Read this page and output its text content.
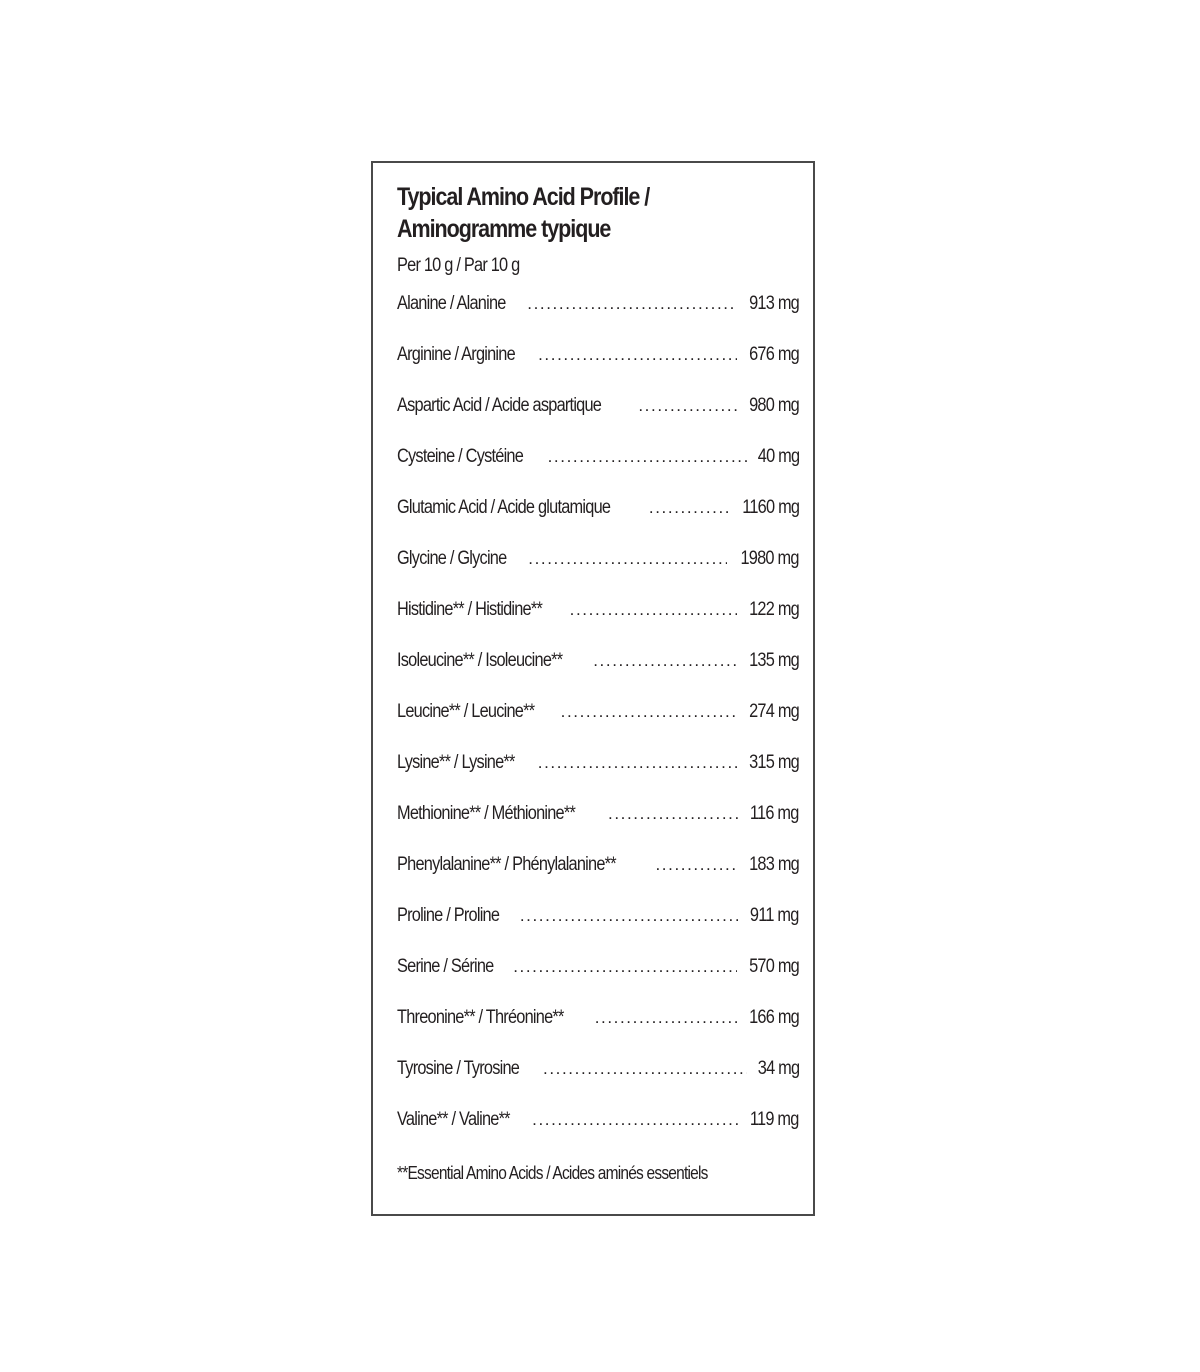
Typical Amino Acid Profile /
Aminogramme typique
Per 10 g / Par 10 g
Alanine / Alanine .....	913 mg
Arginine / Arginine .....	676 mg
Aspartic Acid / Acide aspartique .....	980 mg
Cysteine / Cystéine .....	40 mg
Glutamic Acid / Acide glutamique .....	1160 mg
Glycine / Glycine .....	1980 mg
Histidine** / Histidine** .....	122 mg
Isoleucine** / Isoleucine** .....	135 mg
Leucine** / Leucine** .....	274 mg
Lysine** / Lysine** .....	315 mg
Methionine** / Méthionine** .....	116 mg
Phenylalanine** / Phénylalanine** .....	183 mg
Proline / Proline .....	911 mg
Serine / Sérine .....	570 mg
Threonine** / Thréonine** .....	166 mg
Tyrosine / Tyrosine .....	34 mg
Valine** / Valine** .....	119 mg
**Essential Amino Acids / Acides aminés essentiels
